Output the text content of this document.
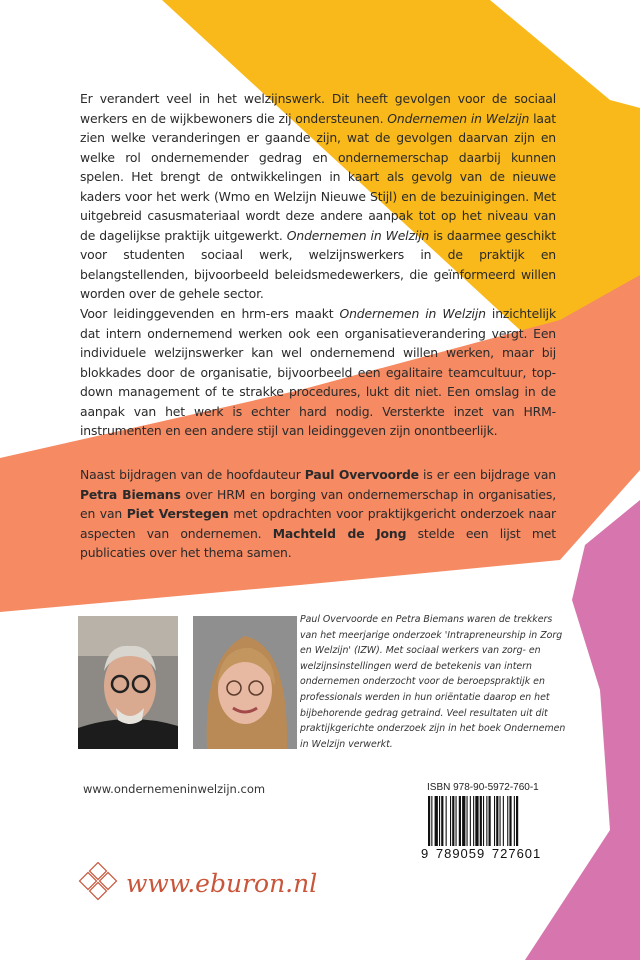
Er verandert veel in het welzijnswerk. Dit heeft gevolgen voor de sociaal werkers en de wijkbewoners die zij ondersteunen. Ondernemen in Welzijn laat zien welke veranderingen er gaande zijn, wat de gevolgen daarvan zijn en welke rol ondernemender gedrag en ondernemerschap daarbij kunnen spelen. Het brengt de ontwikkelingen in kaart als gevolg van de nieuwe kaders voor het werk (Wmo en Welzijn Nieuwe Stijl) en de bezuinigingen. Met uitgebreid casusmateriaal wordt deze andere aanpak tot op het niveau van de dagelijkse praktijk uitgewerkt. Ondernemen in Welzijn is daarmee geschikt voor studenten sociaal werk, welzijnswerkers in de praktijk en belangstellenden, bijvoorbeeld beleidsmedewerkers, die geïnformeerd willen worden over de gehele sector.
Voor leidinggevenden en hrm-ers maakt Ondernemen in Welzijn inzichtelijk dat intern ondernemend werken ook een organisatieverandering vergt. Een individuele welzijnswerker kan wel ondernemend willen werken, maar bij blokkades door de organisatie, bijvoorbeeld een egalitaire teamcultuur, top-down management of te strakke procedures, lukt dit niet. Een omslag in de aanpak van het werk is echter hard nodig. Versterkte inzet van HRM-instrumenten en een andere stijl van leidinggeven zijn onontbeerlijk.
Naast bijdragen van de hoofdauteur Paul Overvoorde is er een bijdrage van Petra Biemans over HRM en borging van ondernemerschap in organisaties, en van Piet Verstegen met opdrachten voor praktijkgericht onderzoek naar aspecten van ondernemen. Machteld de Jong stelde een lijst met publicaties over het thema samen.
Paul Overvoorde en Petra Biemans waren de trekkers van het meerjarige onderzoek 'Intrapreneurship in Zorg en Welzijn' (IZW). Met sociaal werkers van zorg- en welzijnsinstellingen werd de betekenis van intern ondernemen onderzocht voor de beroepspraktijk en professionals werden in hun oriëntatie daarop en het bijbehorende gedrag getraind. Veel resultaten uit dit praktijkgerichte onderzoek zijn in het boek Ondernemen in Welzijn verwerkt.
www.ondernemeninwelzijn.com	ISBN 978-90-5972-760-1
9 789059 727601
www.eburon.nl
